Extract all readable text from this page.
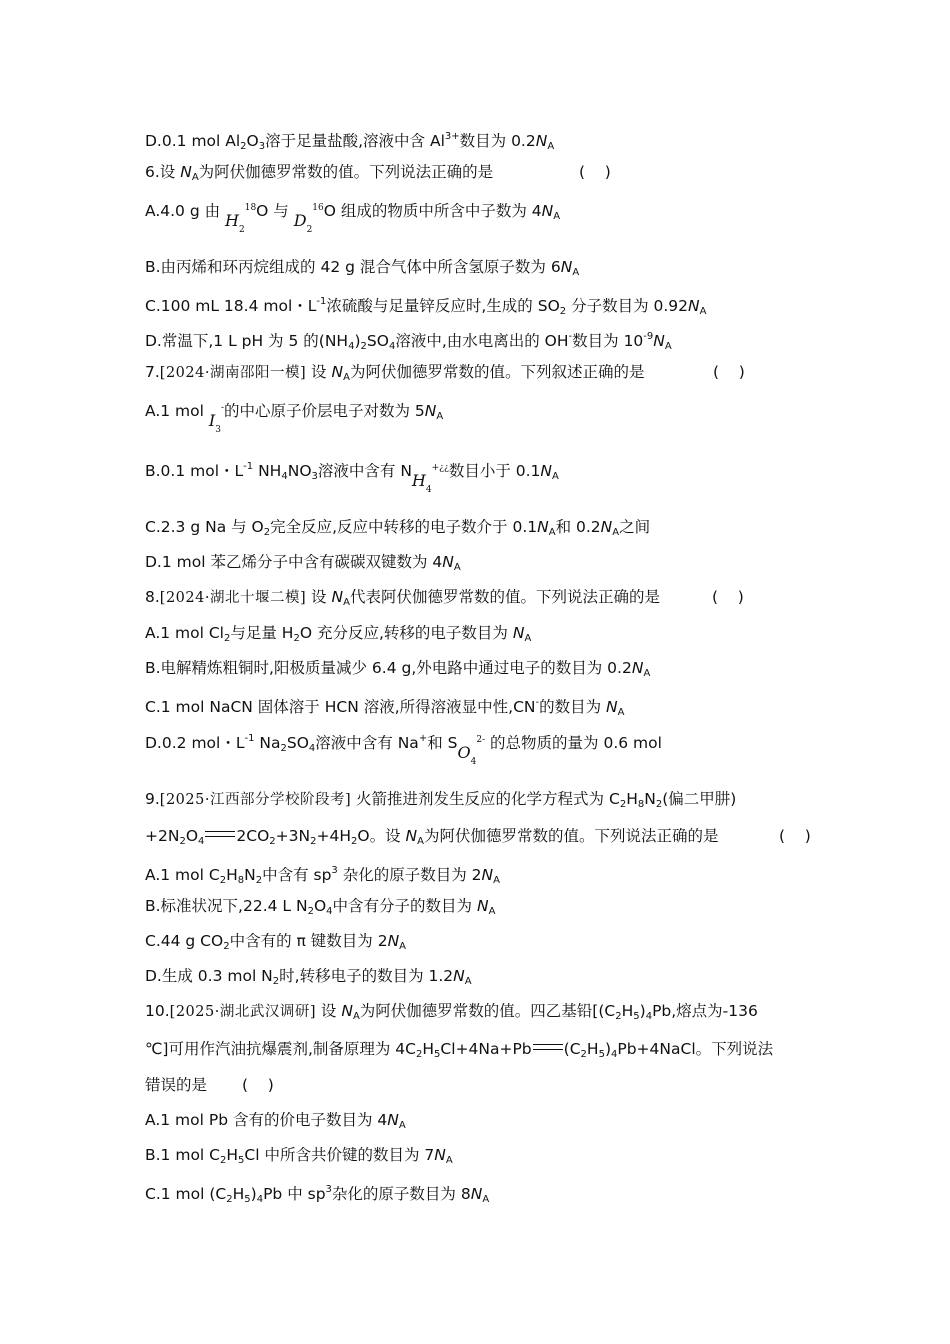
D.0.1 mol $Al_2O_3$溶于足量盐酸,溶液中含 $Al^{3+}$数目为 $0.2N_A$
6.设 $N_A$为阿伏伽德罗常数的值。下列说法正确的是	(    )
A.4.0 g 由 $H_2^{18}O$ 与 $D_2^{16}O$ 组成的物质中所含中子数为 $4N_A$
B.由丙烯和环丙烷组成的 42 g 混合气体中所含氢原子数为 $6N_A$
C.100 mL 18.4 mol・$L^{-1}$浓硫酸与足量锌反应时,生成的 $SO_2$ 分子数目为 $0.92N_A$
D.常温下,1 L pH 为 5 的$(NH_4)_2SO_4$溶液中,由水电离出的 OH-数目为 $10^{-9}N_A$
7.[2024·湖南邵阳一模] 设 $N_A$为阿伏伽德罗常数的值。下列叙述正确的是	(    )
A.1 mol $I_3^-$的中心原子价层电子对数为 $5N_A$
B.0.1 mol・$L^{-1}$ $NH_4NO_3$溶液中含有 $NH_4^{+¿¿}$数目小于 $0.1N_A$
C.2.3 g Na 与 $O_2$完全反应,反应中转移的电子数介于 $0.1N_A$和 $0.2N_A$之间
D.1 mol 苯乙烯分子中含有碳碳双键数为 $4N_A$
8.[2024·湖北十堰二模] 设 $N_A$代表阿伏伽德罗常数的值。下列说法正确的是	(    )
A.1 mol $Cl_2$与足量 $H_2O$ 充分反应,转移的电子数目为 $N_A$
B.电解精炼粗铜时,阳极质量减少 6.4 g,外电路中通过电子的数目为 $0.2N_A$
C.1 mol NaCN 固体溶于 HCN 溶液,所得溶液显中性,CN-的数目为 $N_A$
D.0.2 mol・$L^{-1}$ $Na_2SO_4$溶液中含有 Na+和 $SO_4^{2-}$ 的总物质的量为 0.6 mol
9.[2025·江西部分学校阶段考] 火箭推进剂发生反应的化学方程式为 $C_2H_8N_2$(偏二甲肼)
$+2N_2O_4$ $2CO_2+3N_2+4H_2O$。设 $N_A$为阿伏伽德罗常数的值。下列说法正确的是	(    )
A.1 mol $C_2H_8N_2$中含有 $sp^3$ 杂化的原子数目为 $2N_A$
B.标准状况下,22.4 L $N_2O_4$中含有分子的数目为 $N_A$
C.44 g $CO_2$中含有的 π 键数目为 $2N_A$
D.生成 0.3 mol $N_2$时,转移电子的数目为 $1.2N_A$
10.[2025·湖北武汉调研] 设 $N_A$为阿伏伽德罗常数的值。四乙基铅[$(C_2H_5)_4Pb$,熔点为-136
℃]可用作汽油抗爆震剂,制备原理为 $4C_2H_5Cl+4Na+Pb$ $(C_2H_5)_4Pb+4NaCl$。下列说法
错误的是 (    )
A.1 mol Pb 含有的价电子数目为 $4N_A$
B.1 mol $C_2H_5Cl$ 中所含共价键的数目为 $7N_A$
C.1 mol $(C_2H_5)_4Pb$ 中 $sp^3$杂化的原子数目为 $8N_A$
